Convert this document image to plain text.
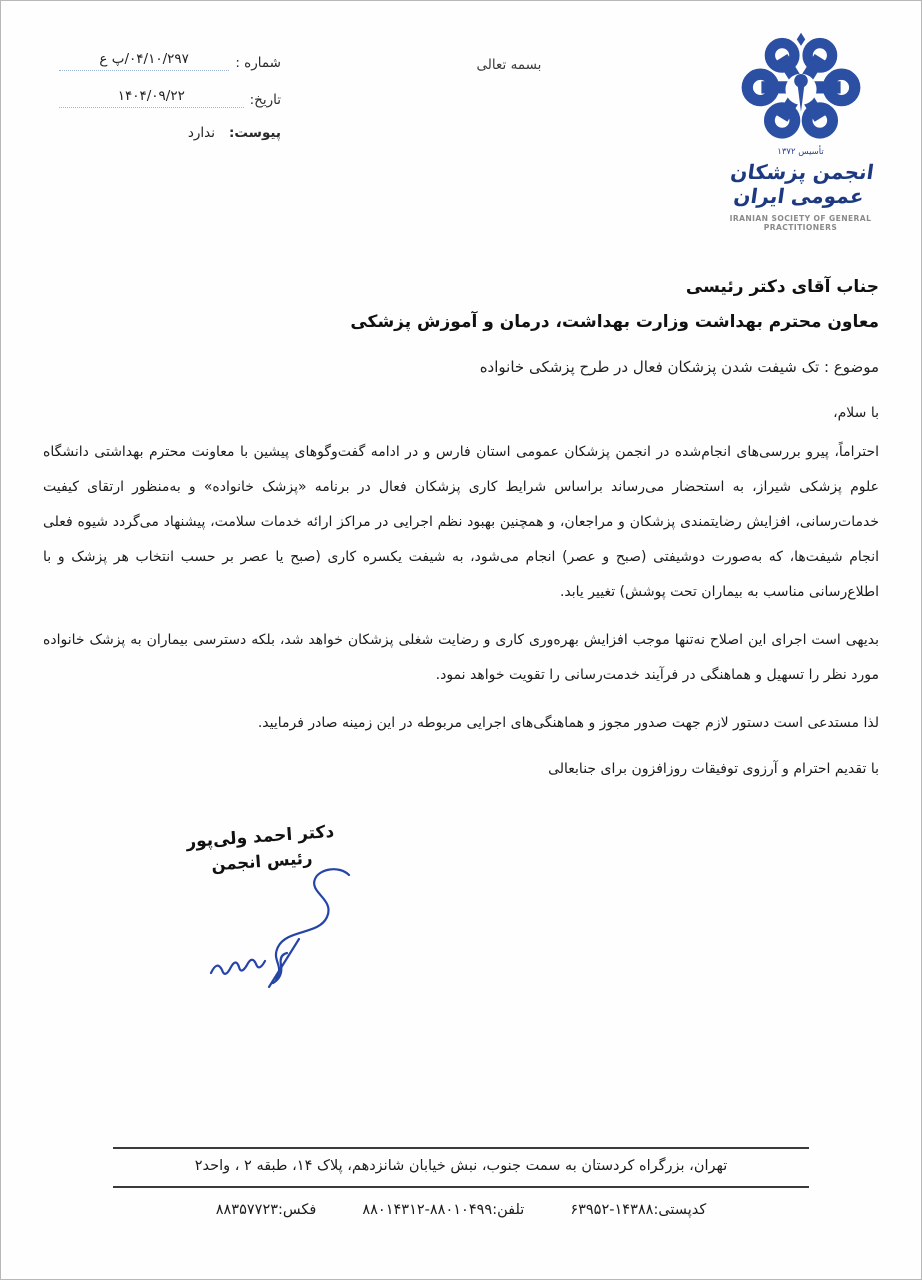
شماره :
۰۴/۱۰/۲۹۷/پ ع
تاریخ:
۱۴۰۴/۰۹/۲۲
پیوست:
ندارد
بسمه تعالی
تأسیس ۱۳۷۲
انجمن پزشکان عمومی ایران
IRANIAN SOCIETY OF GENERAL PRACTITIONERS
جناب آقای دکتر رئیسی
معاون محترم بهداشت وزارت بهداشت، درمان و آموزش پزشکی
موضوع : تک شیفت شدن پزشکان فعال در طرح پزشکی خانواده
با سلام،

احتراماً، پیرو بررسی‌های انجام‌شده در انجمن پزشکان عمومی استان فارس و در ادامه گفت‌وگوهای پیشین با معاونت محترم بهداشتی دانشگاه علوم پزشکی شیراز، به استحضار می‌رساند براساس شرایط کاری پزشکان فعال در برنامه «پزشک خانواده» و به‌منظور ارتقای کیفیت خدمات‌رسانی، افزایش رضایتمندی پزشکان و مراجعان، و همچنین بهبود نظم اجرایی در مراکز ارائه خدمات سلامت، پیشنهاد می‌گردد شیوه فعلی انجام شیفت‌ها، که به‌صورت دوشیفتی (صبح و عصر) انجام می‌شود، به شیفت یکسره کاری (صبح یا عصر بر حسب انتخاب هر پزشک و با اطلاع‌رسانی مناسب به بیماران تحت پوشش) تغییر یابد.

بدیهی است اجرای این اصلاح نه‌تنها موجب افزایش بهره‌وری کاری و رضایت شغلی پزشکان خواهد شد، بلکه دسترسی بیماران به پزشک خانواده مورد نظر را تسهیل و هماهنگی در فرآیند خدمت‌رسانی را تقویت خواهد نمود.

لذا مستدعی است دستور لازم جهت صدور مجوز و هماهنگی‌های اجرایی مربوطه در این زمینه صادر فرمایید.

با تقدیم احترام و آرزوی توفیقات روزافزون برای جنابعالی
دکتر احمد ولی‌پور
رئیس انجمن
تهران، بزرگراه کردستان به سمت جنوب، نبش خیابان شانزدهم، پلاک ۱۴، طبقه ۲ ، واحد۲
کدپستی:۱۴۳۸۸-۶۳۹۵۲
تلفن:۸۸۰۱۰۴۹۹-۸۸۰۱۴۳۱۲
فکس:۸۸۳۵۷۷۲۳
